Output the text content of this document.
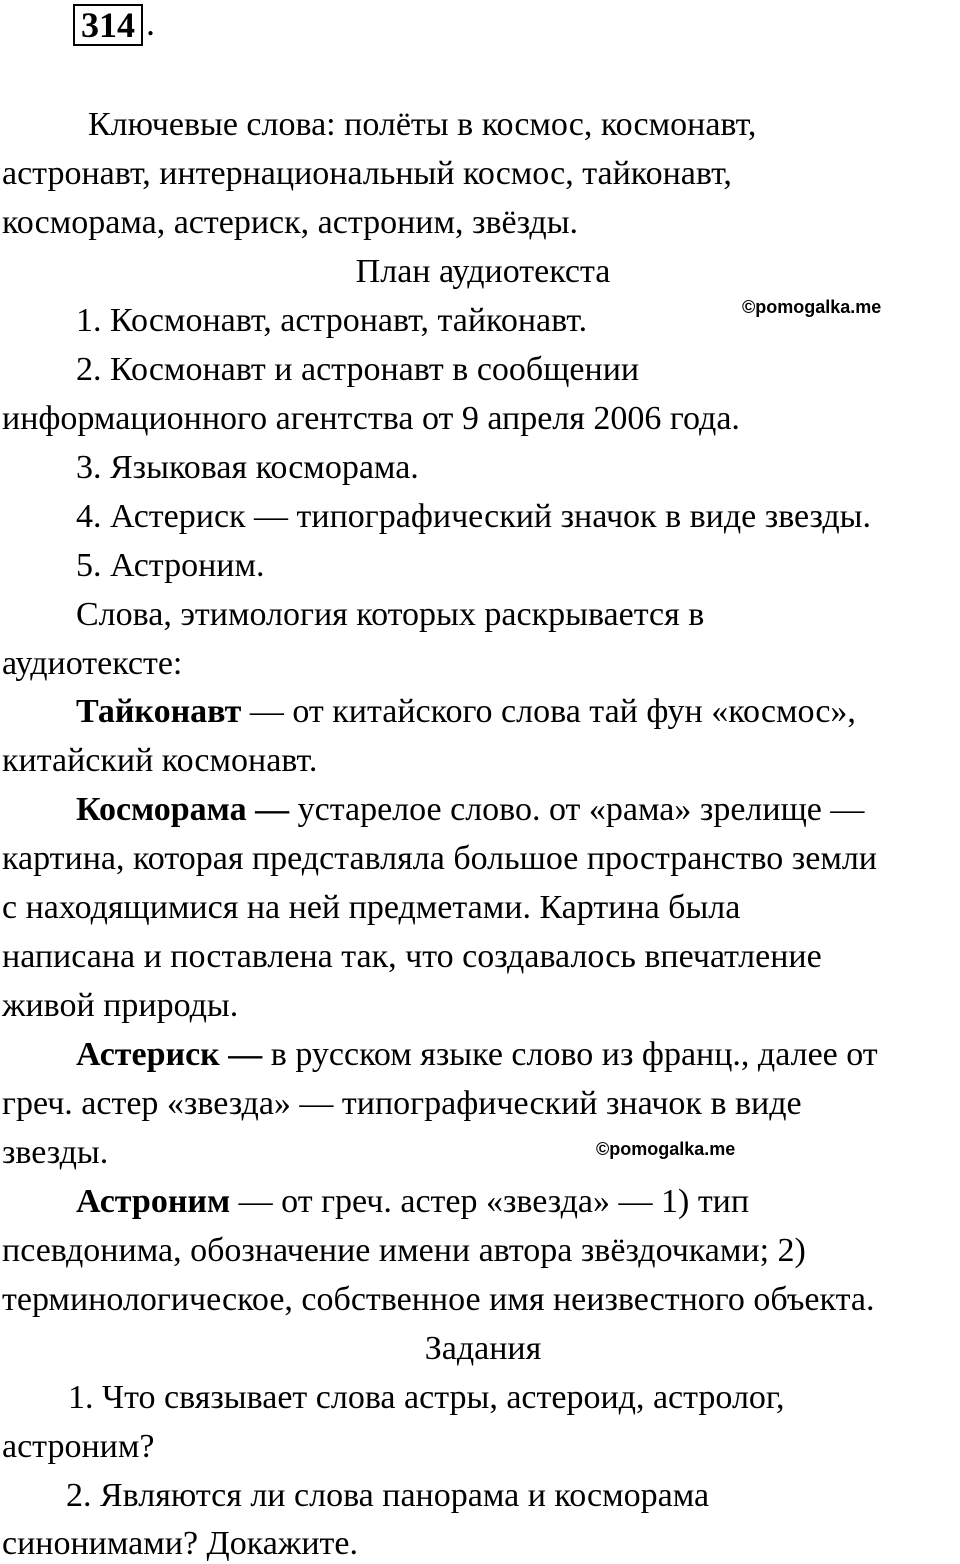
314 .
Ключевые слова: полёты в космос, космонавт,
астронавт, интернациональный космос, тайконавт,
косморама, астериск, астроним, звёзды.
План аудиотекста
©pomogalka.me
1. Космонавт, астронавт, тайконавт.
2. Космонавт и астронавт в сообщении
информационного агентства от 9 апреля 2006 года.
3. Языковая косморама.
4. Астериск — типографический значок в виде звезды.
5. Астроним.
Слова, этимология которых раскрывается в
аудиотексте:
Тайконавт — от китайского слова тай фун «космос»,
китайский космонавт.
Косморама — устарелое слово. от «рама» зрелище —
картина, которая представляла большое пространство земли
с находящимися на ней предметами. Картина была
написана и поставлена так, что создавалось впечатление
живой природы.
Астериск — в русском языке слово из франц., далее от
греч. астер «звезда» — типографический значок в виде
звезды.	©pomogalka.me
Астроним — от греч. астер «звезда» — 1) тип
псевдонима, обозначение имени автора звёздочками; 2)
терминологическое, собственное имя неизвестного объекта.
Задания
1. Что связывает слова астры, астероид, астролог,
астроним?
2. Являются ли слова панорама и косморама
синонимами? Докажите.
